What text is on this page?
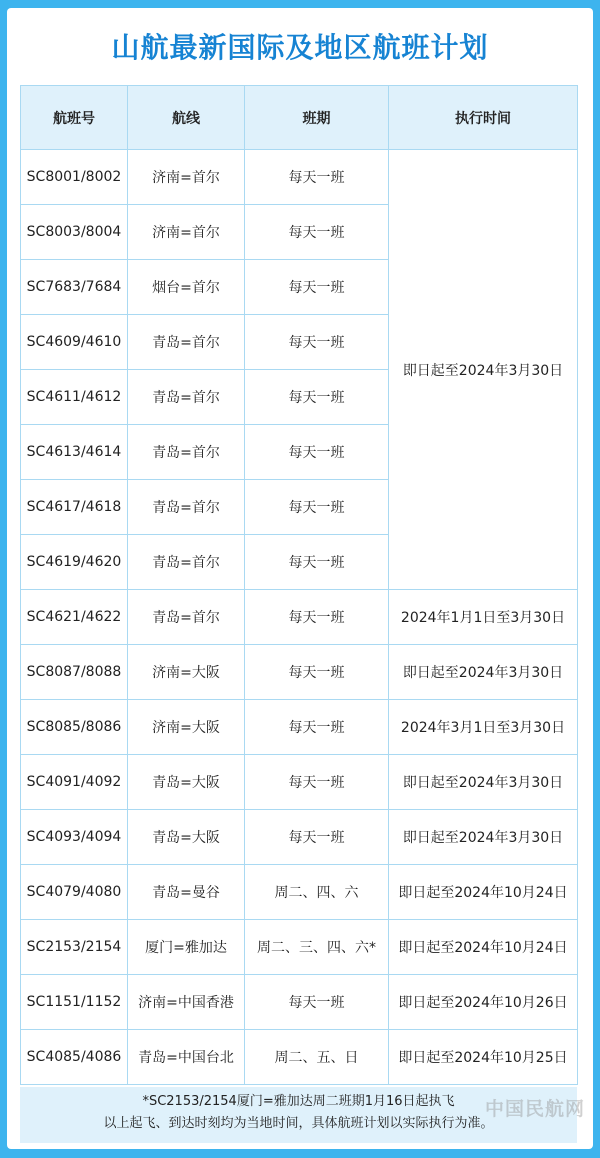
山航最新国际及地区航班计划
航班号	航线	班期	执行时间
SC8001/8002	济南=首尔	每天一班	即日起至2024年3月30日
SC8003/8004	济南=首尔	每天一班	
SC7683/7684	烟台=首尔	每天一班	
SC4609/4610	青岛=首尔	每天一班	
SC4611/4612	青岛=首尔	每天一班	
SC4613/4614	青岛=首尔	每天一班	
SC4617/4618	青岛=首尔	每天一班	
SC4619/4620	青岛=首尔	每天一班	
SC4621/4622	青岛=首尔	每天一班	2024年1月1日至3月30日
SC8087/8088	济南=大阪	每天一班	即日起至2024年3月30日
SC8085/8086	济南=大阪	每天一班	2024年3月1日至3月30日
SC4091/4092	青岛=大阪	每天一班	即日起至2024年3月30日
SC4093/4094	青岛=大阪	每天一班	即日起至2024年3月30日
SC4079/4080	青岛=曼谷	周二、四、六	即日起至2024年10月24日
SC2153/2154	厦门=雅加达	周二、三、四、六*	即日起至2024年10月24日
SC1151/1152	济南=中国香港	每天一班	即日起至2024年10月26日
SC4085/4086	青岛=中国台北	周二、五、日	即日起至2024年10月25日
*SC2153/2154厦门=雅加达周二班期1月16日起执飞
以上起飞、到达时刻均为当地时间，具体航班计划以实际执行为准。
中国民航网
